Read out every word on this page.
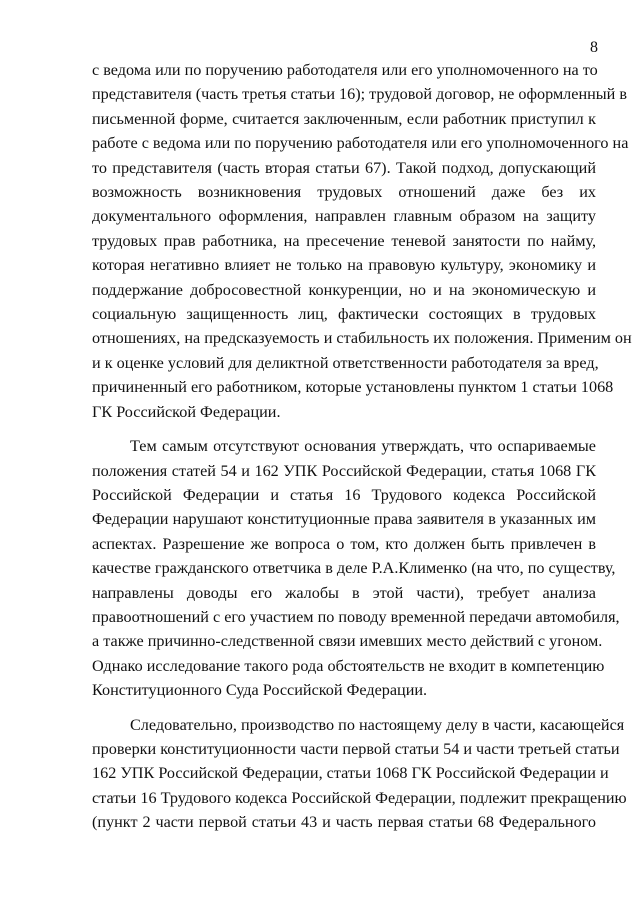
8

с ведома или по поручению работодателя или его уполномоченного на то
представителя (часть третья статьи 16); трудовой договор, не оформленный в
письменной форме, считается заключенным, если работник приступил к
работе с ведома или по поручению работодателя или его уполномоченного на
то представителя (часть вторая статьи 67). Такой подход, допускающий
возможность возникновения трудовых отношений даже без их
документального оформления, направлен главным образом на защиту
трудовых прав работника, на пресечение теневой занятости по найму,
которая негативно влияет не только на правовую культуру, экономику и
поддержание добросовестной конкуренции, но и на экономическую и
социальную защищенность лиц, фактически состоящих в трудовых
отношениях, на предсказуемость и стабильность их положения. Применим он
и к оценке условий для деликтной ответственности работодателя за вред,
причиненный его работником, которые установлены пунктом 1 статьи 1068
ГК Российской Федерации.

Тем самым отсутствуют основания утверждать, что оспариваемые
положения статей 54 и 162 УПК Российской Федерации, статья 1068 ГК
Российской Федерации и статья 16 Трудового кодекса Российской
Федерации нарушают конституционные права заявителя в указанных им
аспектах. Разрешение же вопроса о том, кто должен быть привлечен в
качестве гражданского ответчика в деле Р.А.Клименко (на что, по существу,
направлены доводы его жалобы в этой части), требует анализа
правоотношений с его участием по поводу временной передачи автомобиля,
а также причинно-следственной связи имевших место действий с угоном.
Однако исследование такого рода обстоятельств не входит в компетенцию
Конституционного Суда Российской Федерации.

Следовательно, производство по настоящему делу в части, касающейся
проверки конституционности части первой статьи 54 и части третьей статьи
162 УПК Российской Федерации, статьи 1068 ГК Российской Федерации и
статьи 16 Трудового кодекса Российской Федерации, подлежит прекращению
(пункт 2 части первой статьи 43 и часть первая статьи 68 Федерального
